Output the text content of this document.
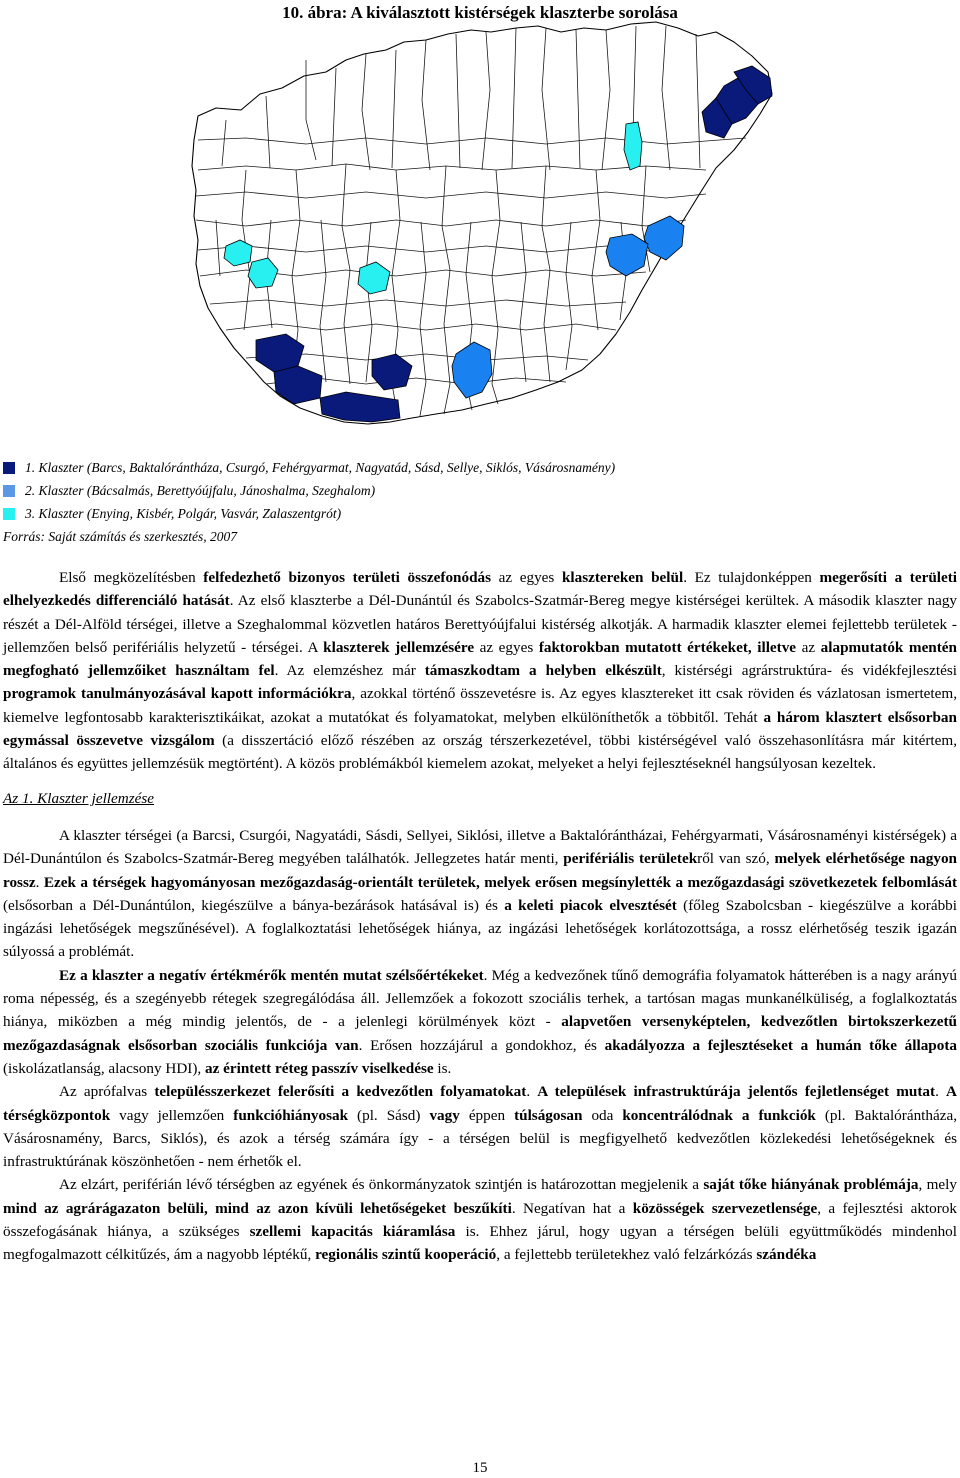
10. ábra: A kiválasztott kistérségek klaszterbe sorolása
1. Klaszter (Barcs, Baktalórántháza, Csurgó, Fehérgyarmat, Nagyatád, Sásd, Sellye, Siklós, Vásárosnamény)
2. Klaszter (Bácsalmás, Berettyóújfalu, Jánoshalma, Szeghalom)
3. Klaszter (Enying, Kisbér, Polgár, Vasvár, Zalaszentgrót)
Forrás: Saját számítás és szerkesztés, 2007

Első megközelítésben felfedezhető bizonyos területi összefonódás az egyes klasztereken belül. Ez tulajdonképpen megerősíti a területi elhelyezkedés differenciáló hatását. Az első klaszterbe a Dél-Dunántúl és Szabolcs-Szatmár-Bereg megye kistérségei kerültek. A második klaszter nagy részét a Dél-Alföld térségei, illetve a Szeghalommal közvetlen határos Berettyóújfalui kistérség alkotják. A harmadik klaszter elemei fejlettebb területek - jellemzően belső perifériális helyzetű - térségei. A klaszterek jellemzésére az egyes faktorokban mutatott értékeket, illetve az alapmutatók mentén megfogható jellemzőiket használtam fel. Az elemzéshez már támaszkodtam a helyben elkészült, kistérségi agrárstruktúra- és vidékfejlesztési programok tanulmányozásával kapott információkra, azokkal történő összevetésre is. Az egyes klasztereket itt csak röviden és vázlatosan ismertetem, kiemelve legfontosabb karakterisztikáikat, azokat a mutatókat és folyamatokat, melyben elkülöníthetők a többitől. Tehát a három klasztert elsősorban egymással összevetve vizsgálom (a disszertáció előző részében az ország térszerkezetével, többi kistérségével való összehasonlításra már kitértem, általános és együttes jellemzésük megtörtént). A közös problémákból kiemelem azokat, melyeket a helyi fejlesztéseknél hangsúlyosan kezeltek.

Az 1. Klaszter jellemzése

A klaszter térségei (a Barcsi, Csurgói, Nagyatádi, Sásdi, Sellyei, Siklósi, illetve a Baktalórántházai, Fehérgyarmati, Vásárosnaményi kistérségek) a Dél-Dunántúlon és Szabolcs-Szatmár-Bereg megyében találhatók. Jellegzetes határ menti, perifériális területekről van szó, melyek elérhetősége nagyon rossz. Ezek a térségek hagyományosan mezőgazdaság-orientált területek, melyek erősen megsínylették a mezőgazdasági szövetkezetek felbomlását (elsősorban a Dél-Dunántúlon, kiegészülve a bánya-bezárások hatásával is) és a keleti piacok elvesztését (főleg Szabolcsban - kiegészülve a korábbi ingázási lehetőségek megszűnésével). A foglalkoztatási lehetőségek hiánya, az ingázási lehetőségek korlátozottsága, a rossz elérhetőség teszik igazán súlyossá a problémát.

Ez a klaszter a negatív értékmérők mentén mutat szélsőértékeket. Még a kedvezőnek tűnő demográfia folyamatok hátterében is a nagy arányú roma népesség, és a szegényebb rétegek szegregálódása áll. Jellemzőek a fokozott szociális terhek, a tartósan magas munkanélküliség, a foglalkoztatás hiánya, miközben a még mindig jelentős, de - a jelenlegi körülmények közt - alapvetően versenyképtelen, kedvezőtlen birtokszerkezetű mezőgazdaságnak elsősorban szociális funkciója van. Erősen hozzájárul a gondokhoz, és akadályozza a fejlesztéseket a humán tőke állapota (iskolázatlanság, alacsony HDI), az érintett réteg passzív viselkedése is.

Az aprófalvas településszerkezet felerősíti a kedvezőtlen folyamatokat. A települések infrastruktúrája jelentős fejletlenséget mutat. A térségközpontok vagy jellemzően funkcióhiányosak (pl. Sásd) vagy éppen túlságosan oda koncentrálódnak a funkciók (pl. Baktalórántháza, Vásárosnamény, Barcs, Siklós), és azok a térség számára így - a térségen belül is megfigyelhető kedvezőtlen közlekedési lehetőségeknek és infrastruktúrának köszönhetően - nem érhetők el.

Az elzárt, periférián lévő térségben az egyének és önkormányzatok szintjén is határozottan megjelenik a saját tőke hiányának problémája, mely mind az agrárágazaton belüli, mind az azon kívüli lehetőségeket beszűkíti. Negatívan hat a közösségek szervezetlensége, a fejlesztési aktorok összefogásának hiánya, a szükséges szellemi kapacitás kiáramlása is. Ehhez járul, hogy ugyan a térségen belüli együttműködés mindenhol megfogalmazott célkitűzés, ám a nagyobb léptékű, regionális szintű kooperáció, a fejlettebb területekhez való felzárkózás szándéka

15
